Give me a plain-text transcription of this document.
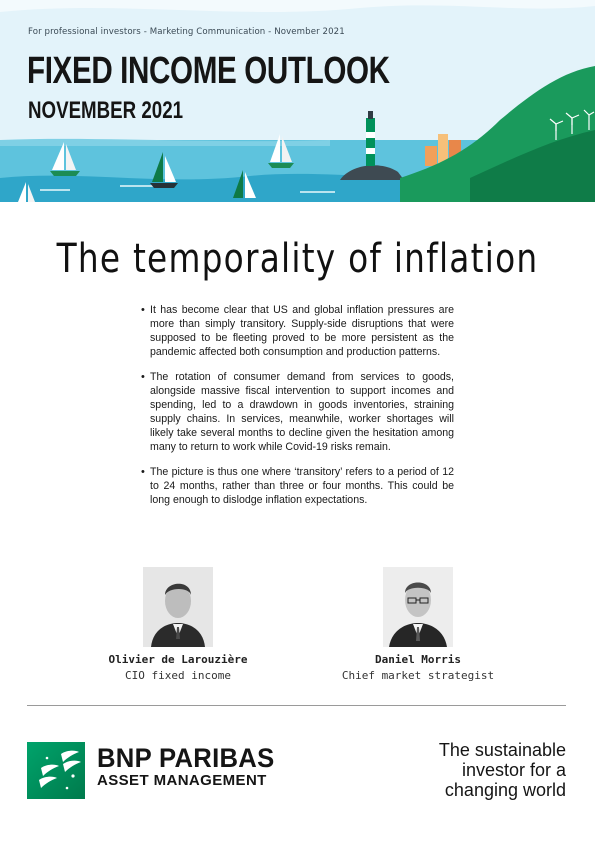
For professional investors - Marketing Communication - November 2021
FIXED INCOME OUTLOOK
NOVEMBER 2021
The temporality of inflation
• It has become clear that US and global inflation pressures are more than simply transitory. Supply-side disruptions that were supposed to be fleeting proved to be more persistent as the pandemic affected both consumption and production patterns.
• The rotation of consumer demand from services to goods, alongside massive fiscal intervention to support incomes and spending, led to a drawdown in goods inventories, straining supply chains. In services, meanwhile, worker shortages will likely take several months to decline given the hesitation among many to return to work while Covid-19 risks remain.
• The picture is thus one where ‘transitory’ refers to a period of 12 to 24 months, rather than three or four months. This could be long enough to dislodge inflation expectations.
Olivier de Larouzière
CIO fixed income
Daniel Morris
Chief market strategist
BNP PARIBAS
ASSET MANAGEMENT
The sustainable
investor for a
changing world
